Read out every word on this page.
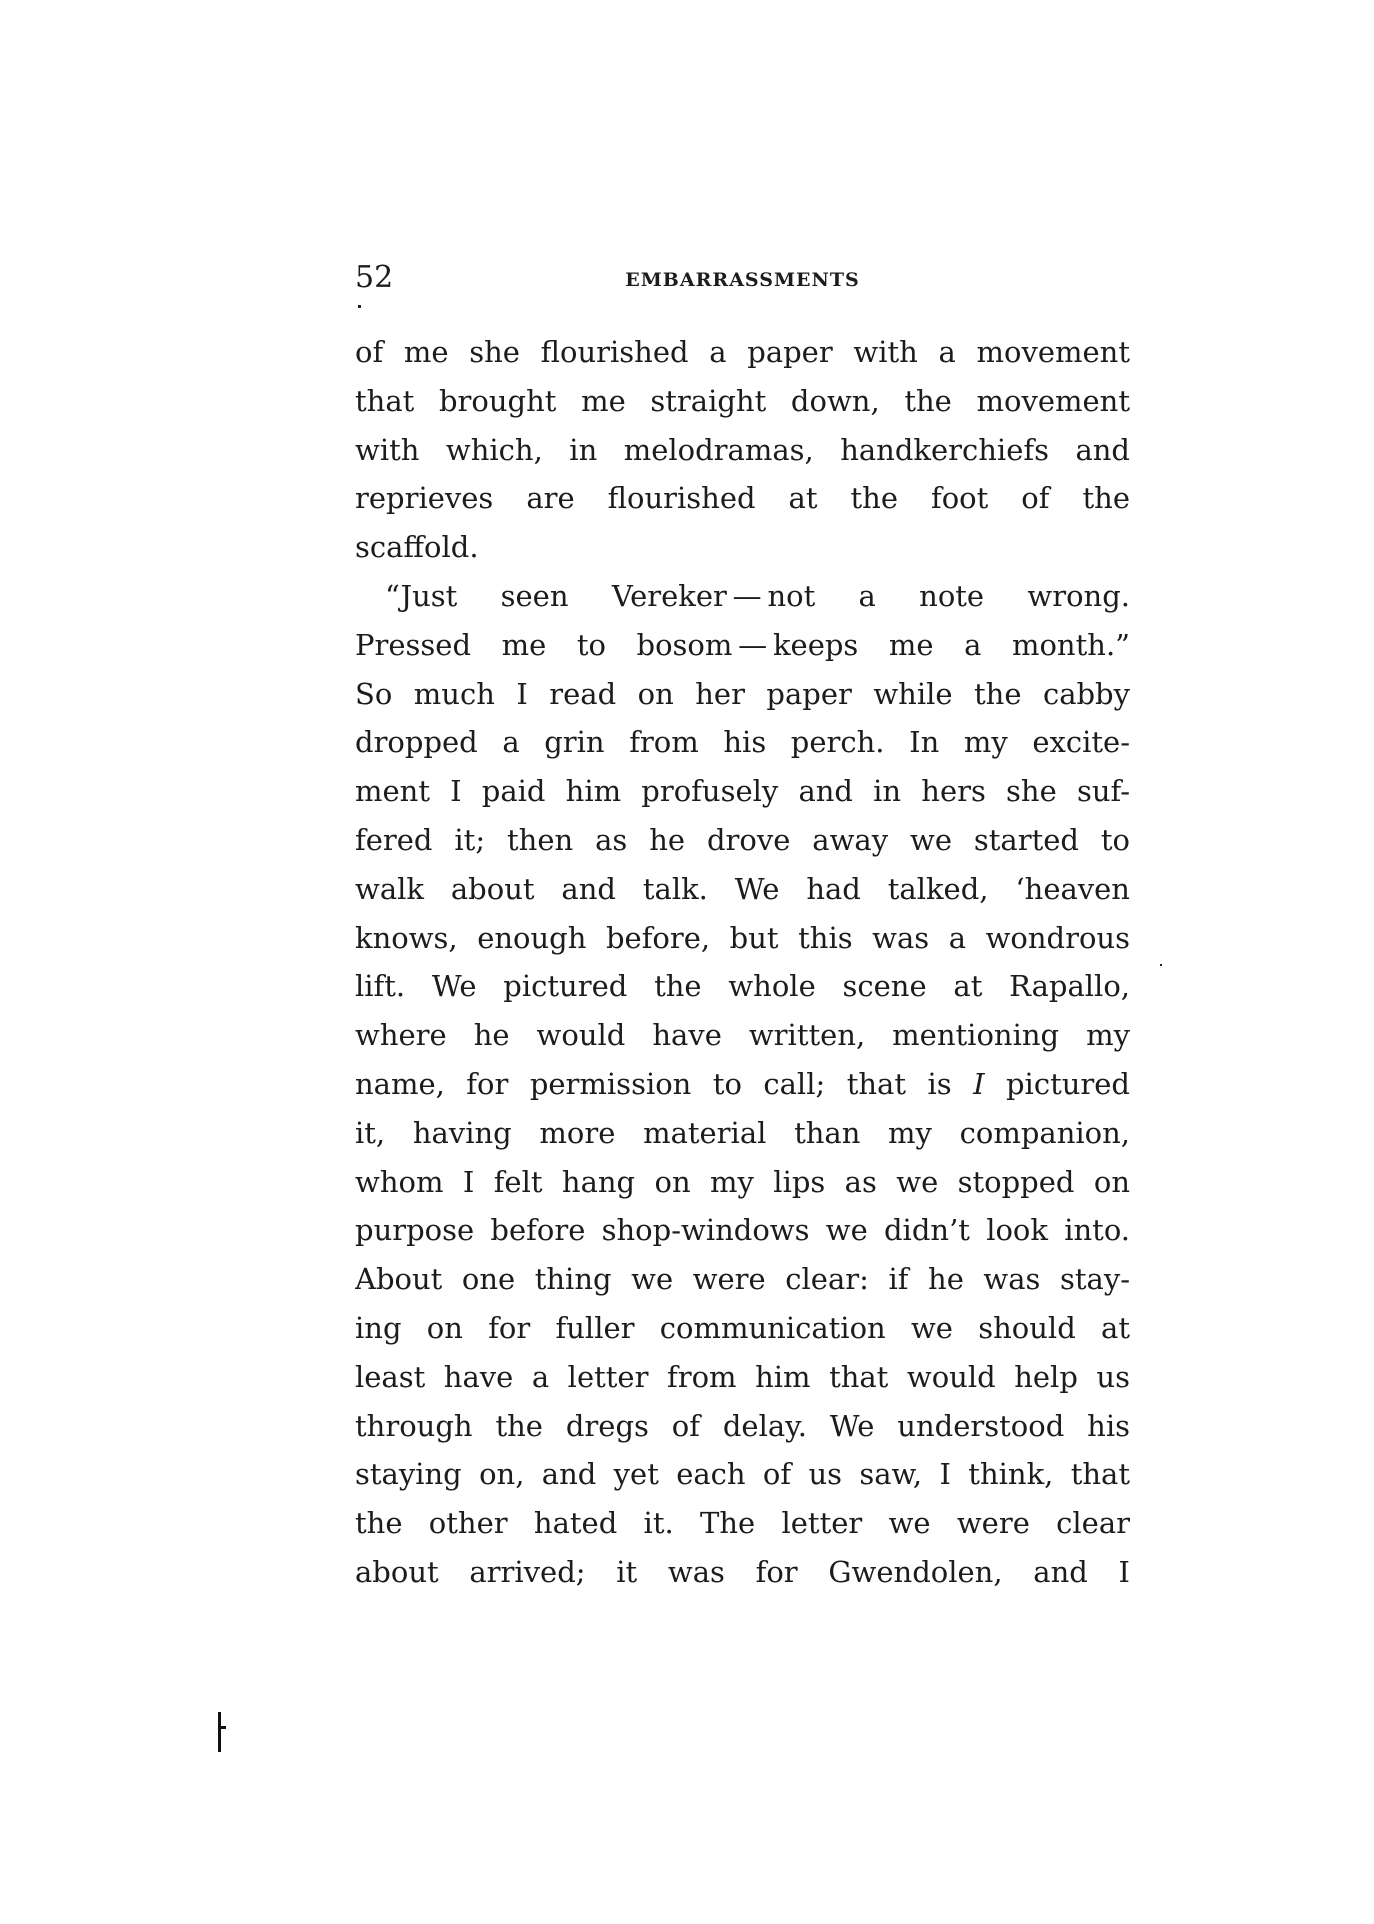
52	EMBARRASSMENTS
of me she flourished a paper with a movement
that brought me straight down, the movement
with which, in melodramas, handkerchiefs and
reprieves are flourished at the foot of the
scaffold.
“Just seen Vereker — not a note wrong.
Pressed me to bosom — keeps me a month.”
So much I read on her paper while the cabby
dropped a grin from his perch. In my excite-
ment I paid him profusely and in hers she suf-
fered it; then as he drove away we started to
walk about and talk. We had talked, ‘heaven
knows, enough before, but this was a wondrous
lift. We pictured the whole scene at Rapallo,
where he would have written, mentioning my
name, for permission to call; that is I pictured
it, having more material than my companion,
whom I felt hang on my lips as we stopped on
purpose before shop-windows we didn’t look into.
About one thing we were clear: if he was stay-
ing on for fuller communication we should at
least have a letter from him that would help us
through the dregs of delay. We understood his
staying on, and yet each of us saw, I think, that
the other hated it. The letter we were clear
about arrived; it was for Gwendolen, and I
